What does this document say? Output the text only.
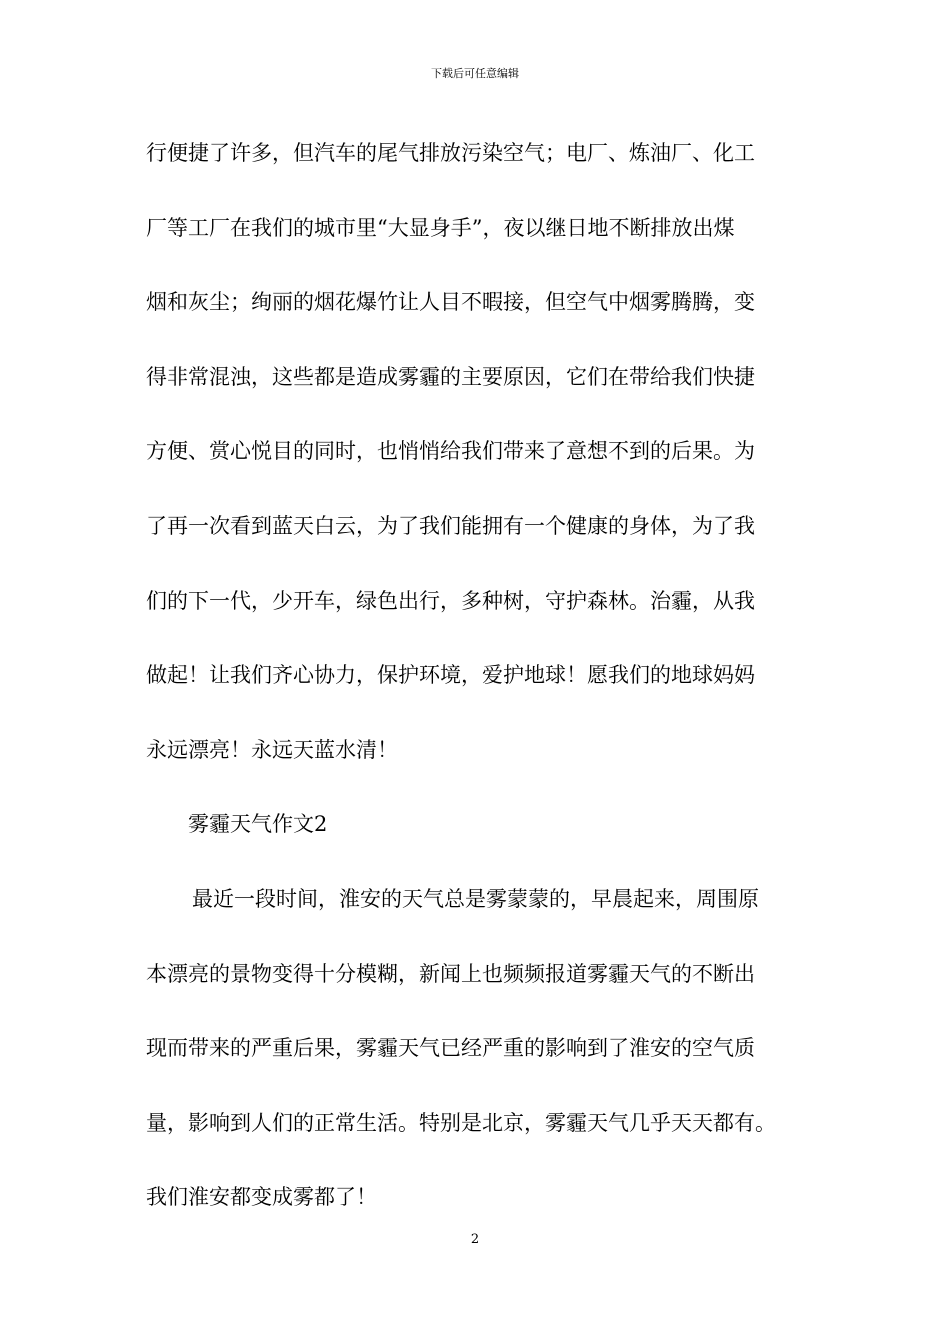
下载后可任意编辑
行便捷了许多，但汽车的尾气排放污染空气；电厂、炼油厂、化工
厂等工厂在我们的城市里“大显身手”，夜以继日地不断排放出煤
烟和灰尘；绚丽的烟花爆竹让人目不暇接，但空气中烟雾腾腾，变
得非常混浊，这些都是造成雾霾的主要原因，它们在带给我们快捷
方便、赏心悦目的同时，也悄悄给我们带来了意想不到的后果。为
了再一次看到蓝天白云，为了我们能拥有一个健康的身体，为了我
们的下一代，少开车，绿色出行，多种树，守护森林。治霾，从我
做起！让我们齐心协力，保护环境，爱护地球！愿我们的地球妈妈
永远漂亮！永远天蓝水清！
雾霾天气作文2
最近一段时间，淮安的天气总是雾蒙蒙的，早晨起来，周围原
本漂亮的景物变得十分模糊，新闻上也频频报道雾霾天气的不断出
现而带来的严重后果，雾霾天气已经严重的影响到了淮安的空气质
量，影响到人们的正常生活。特别是北京，雾霾天气几乎天天都有。
我们淮安都变成雾都了！
2
